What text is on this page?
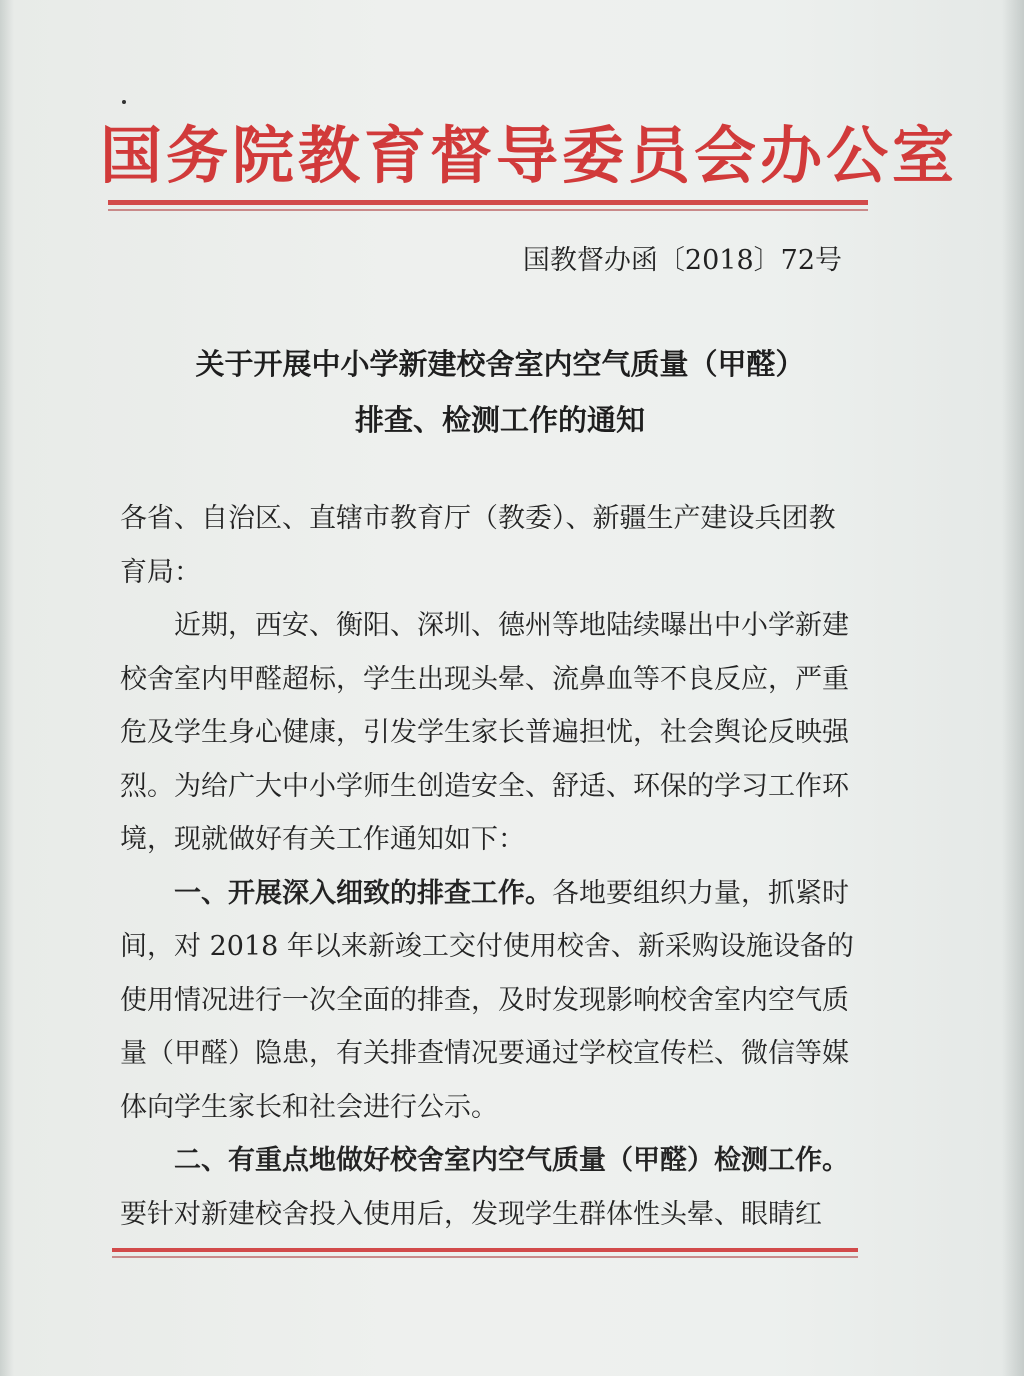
国务院教育督导委员会办公室
国教督办函〔2018〕72号
关于开展中小学新建校舍室内空气质量（甲醛）
排查、检测工作的通知

各省、自治区、直辖市教育厅（教委）、新疆生产建设兵团教育局：

近期，西安、衡阳、深圳、德州等地陆续曝出中小学新建校舍室内甲醛超标，学生出现头晕、流鼻血等不良反应，严重危及学生身心健康，引发学生家长普遍担忧，社会舆论反映强烈。为给广大中小学师生创造安全、舒适、环保的学习工作环境，现就做好有关工作通知如下：

一、开展深入细致的排查工作。各地要组织力量，抓紧时间，对 2018 年以来新竣工交付使用校舍、新采购设施设备的使用情况进行一次全面的排查，及时发现影响校舍室内空气质量（甲醛）隐患，有关排查情况要通过学校宣传栏、微信等媒体向学生家长和社会进行公示。

二、有重点地做好校舍室内空气质量（甲醛）检测工作。要针对新建校舍投入使用后，发现学生群体性头晕、眼睛红
